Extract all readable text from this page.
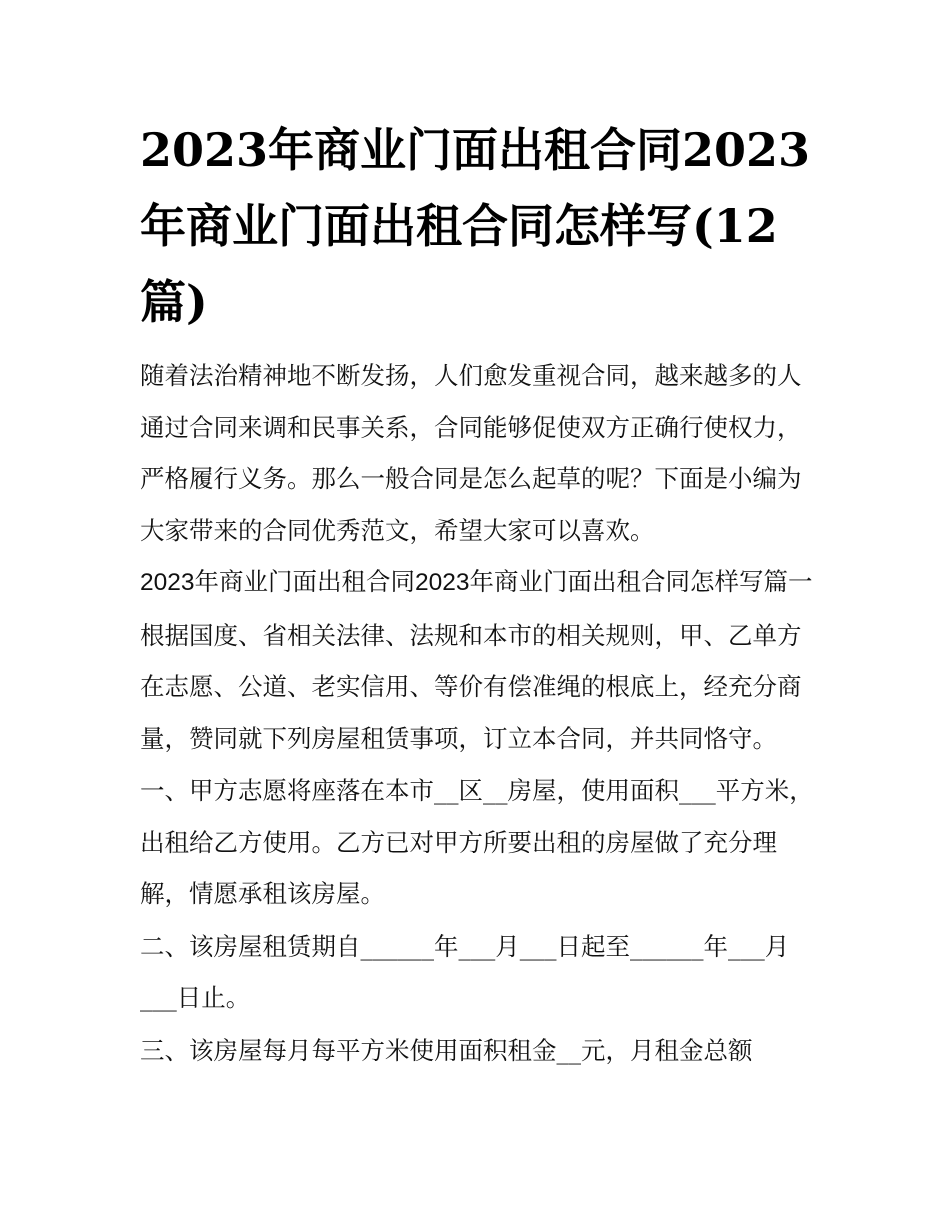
2023年商业门面出租合同2023年商业门面出租合同怎样写(12篇)

随着法治精神地不断发扬，人们愈发重视合同，越来越多的人通过合同来调和民事关系，合同能够促使双方正确行使权力，严格履行义务。那么一般合同是怎么起草的呢？下面是小编为大家带来的合同优秀范文，希望大家可以喜欢。

2023年商业门面出租合同2023年商业门面出租合同怎样写篇一

根据国度、省相关法律、法规和本市的相关规则，甲、乙单方在志愿、公道、老实信用、等价有偿准绳的根底上，经充分商量，赞同就下列房屋租赁事项，订立本合同，并共同恪守。

一、甲方志愿将座落在本市__区__房屋，使用面积___平方米，出租给乙方使用。乙方已对甲方所要出租的房屋做了充分理解，情愿承租该房屋。

二、该房屋租赁期自______年___月___日起至______年___月___日止。

三、该房屋每月每平方米使用面积租金__元，月租金总额
